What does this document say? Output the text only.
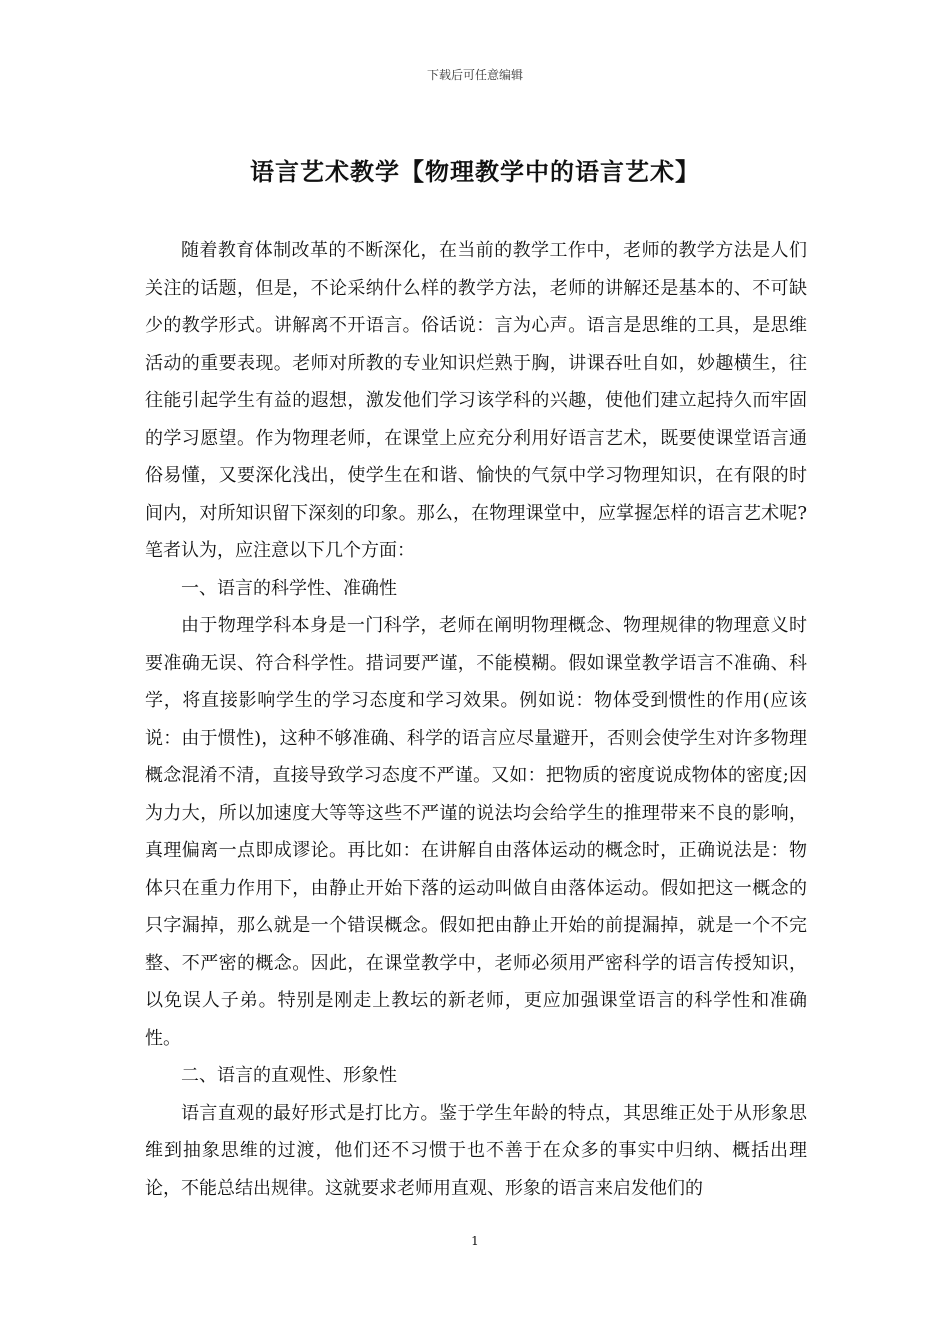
下载后可任意编辑
语言艺术教学【物理教学中的语言艺术】

随着教育体制改革的不断深化，在当前的教学工作中，老师的教学方法是人们关注的话题，但是，不论采纳什么样的教学方法，老师的讲解还是基本的、不可缺少的教学形式。讲解离不开语言。俗话说：言为心声。语言是思维的工具，是思维活动的重要表现。老师对所教的专业知识烂熟于胸，讲课吞吐自如，妙趣横生，往往能引起学生有益的遐想，激发他们学习该学科的兴趣，使他们建立起持久而牢固的学习愿望。作为物理老师，在课堂上应充分利用好语言艺术，既要使课堂语言通俗易懂，又要深化浅出，使学生在和谐、愉快的气氛中学习物理知识，在有限的时间内，对所知识留下深刻的印象。那么，在物理课堂中，应掌握怎样的语言艺术呢?笔者认为，应注意以下几个方面：

一、语言的科学性、准确性

由于物理学科本身是一门科学，老师在阐明物理概念、物理规律的物理意义时要准确无误、符合科学性。措词要严谨，不能模糊。假如课堂教学语言不准确、科学，将直接影响学生的学习态度和学习效果。例如说：物体受到惯性的作用(应该说：由于惯性)，这种不够准确、科学的语言应尽量避开，否则会使学生对许多物理概念混淆不清，直接导致学习态度不严谨。又如：把物质的密度说成物体的密度;因为力大，所以加速度大等等这些不严谨的说法均会给学生的推理带来不良的影响，真理偏离一点即成谬论。再比如：在讲解自由落体运动的概念时，正确说法是：物体只在重力作用下，由静止开始下落的运动叫做自由落体运动。假如把这一概念的只字漏掉，那么就是一个错误概念。假如把由静止开始的前提漏掉，就是一个不完整、不严密的概念。因此，在课堂教学中，老师必须用严密科学的语言传授知识，以免误人子弟。特别是刚走上教坛的新老师，更应加强课堂语言的科学性和准确性。

二、语言的直观性、形象性

语言直观的最好形式是打比方。鉴于学生年龄的特点，其思维正处于从形象思维到抽象思维的过渡，他们还不习惯于也不善于在众多的事实中归纳、概括出理论，不能总结出规律。这就要求老师用直观、形象的语言来启发他们的

1
